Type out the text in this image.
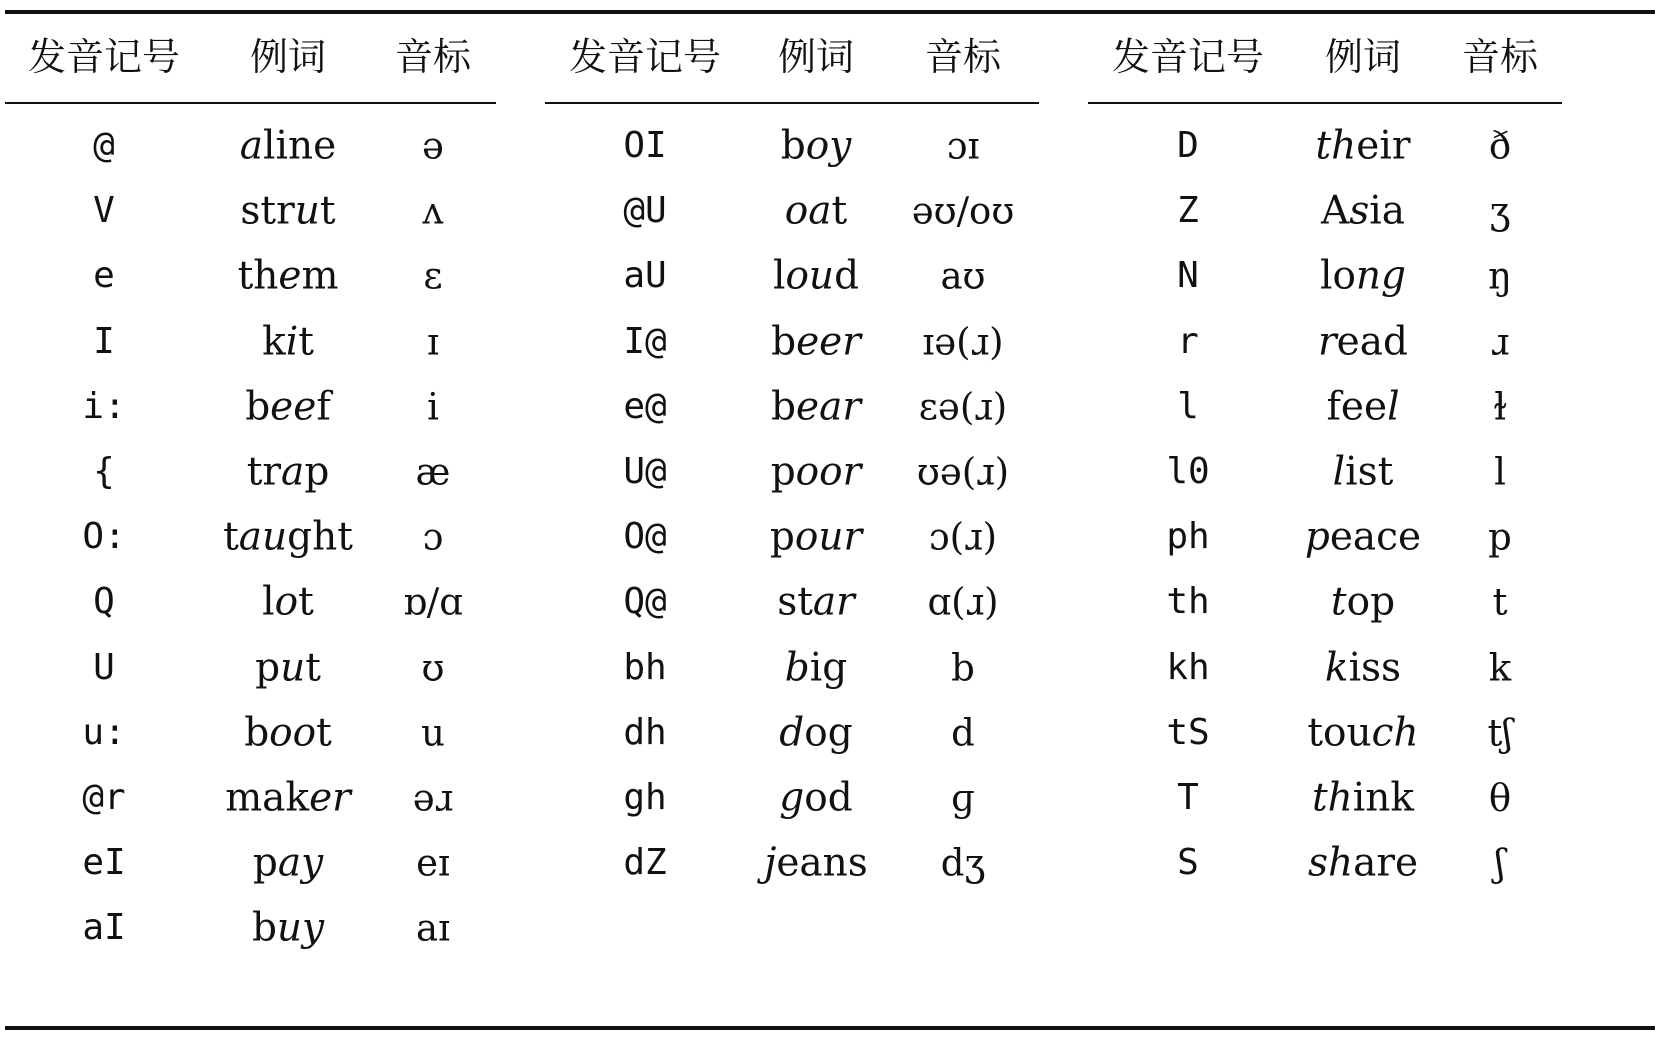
发音记号 例词 音标	发音记号 例词 音标	发音记号 例词 音标
@	aline ə
V	strut ʌ
e	them ɛ
I	kit	ɪ
i:	beef	i
{	trap æ
O: taught ɔ
Q	lot ɒ/ɑ
U	put	ʊ
u:	boot u
@r	maker əɹ
eI	pay	eɪ
aI	buy aɪ
OI	boy	ɔɪ
@U	oat əʊ/oʊ
aU	loud aʊ
I@	beer ɪə(ɹ)
e@	bear ɛə(ɹ)
U@	poor ʊə(ɹ)
O@	pour ɔ(ɹ)
Q@	star ɑ(ɹ)
bh	big	b
dh	dog	d
gh	god	ɡ
dZ	jeans dʒ
D	their ð
Z	Asia ʒ
N	long ŋ
r	read ɹ
l	feel	ɫ
l0	list	l
ph peace p
th	top	t
kh	kiss k
tS	touch tʃ
T	think θ
S	share ʃ
